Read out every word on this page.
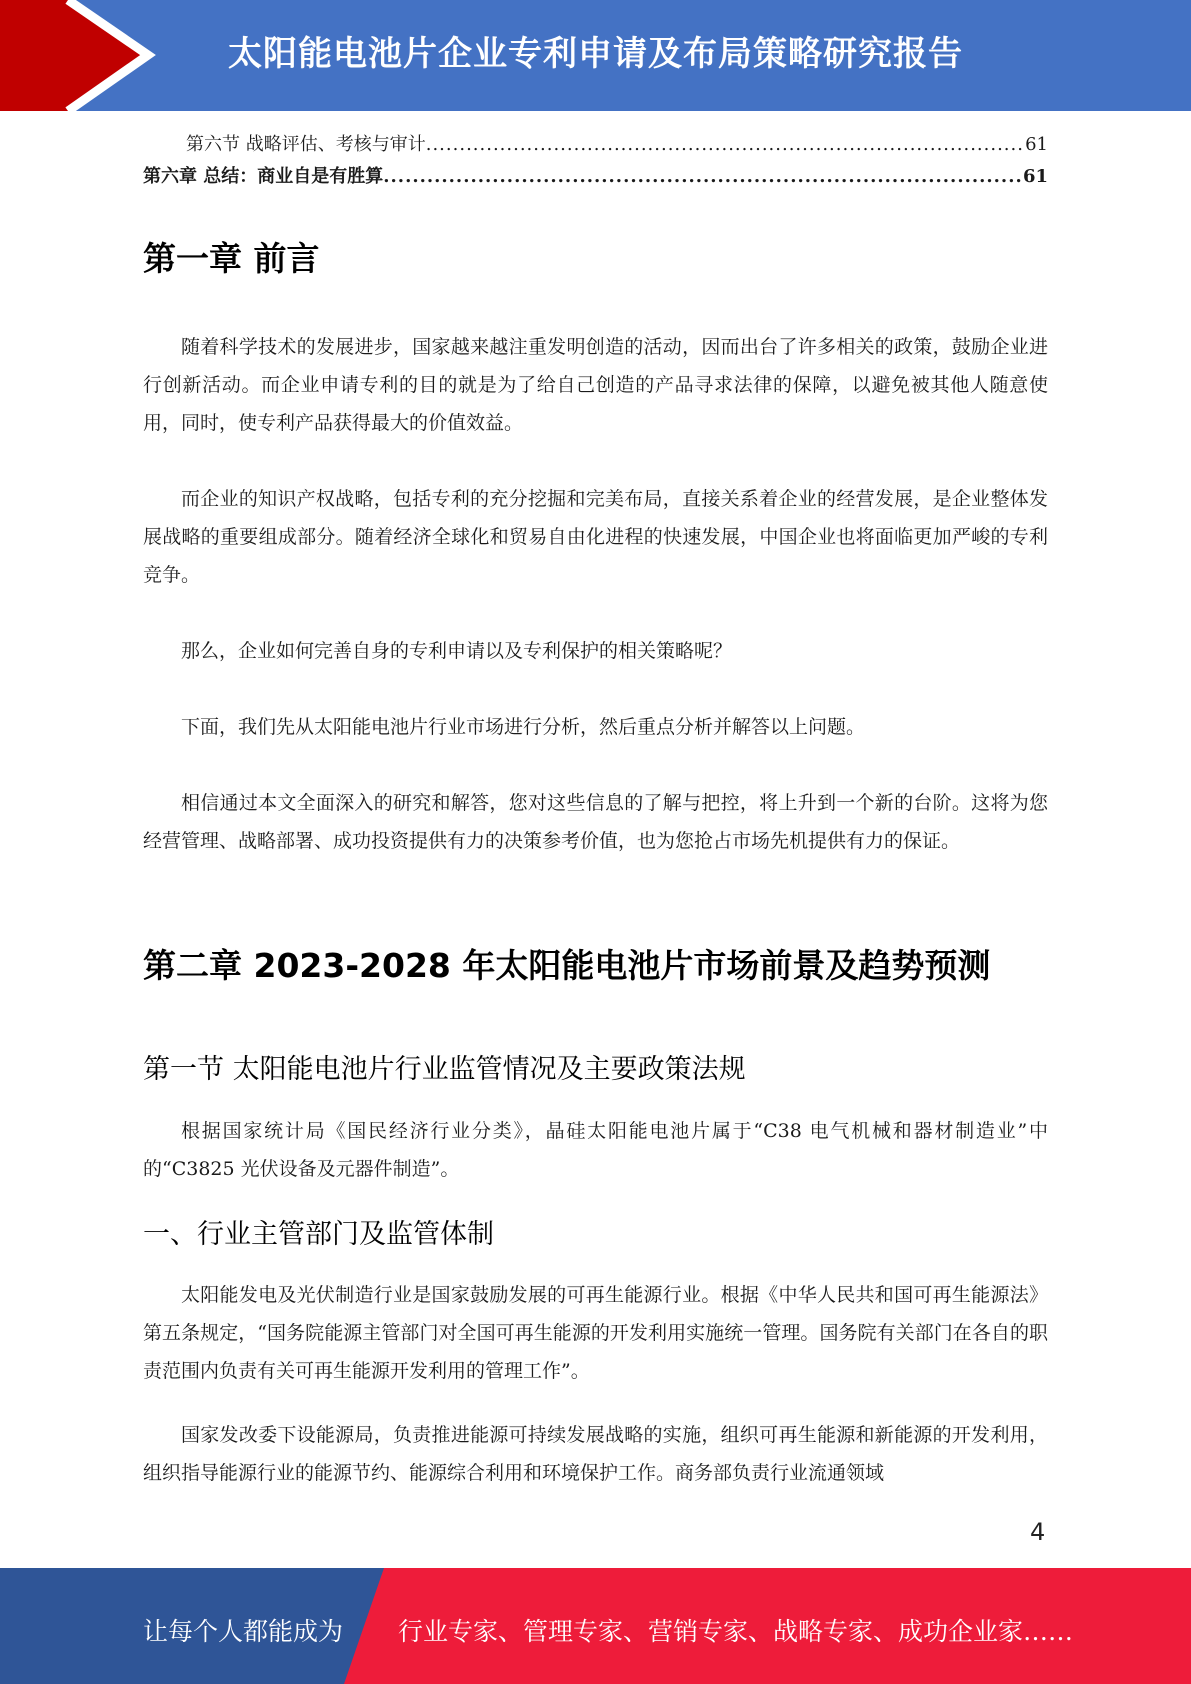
太阳能电池片企业专利申请及布局策略研究报告
第六节 战略评估、考核与审计 .....	61
第六章 总结：商业自是有胜算 .....	61
第一章 前言

随着科学技术的发展进步，国家越来越注重发明创造的活动，因而出台了许多相关的政策，鼓励企业进行创新活动。而企业申请专利的目的就是为了给自己创造的产品寻求法律的保障，以避免被其他人随意使用，同时，使专利产品获得最大的价值效益。

而企业的知识产权战略，包括专利的充分挖掘和完美布局，直接关系着企业的经营发展，是企业整体发展战略的重要组成部分。随着经济全球化和贸易自由化进程的快速发展，中国企业也将面临更加严峻的专利竞争。

那么，企业如何完善自身的专利申请以及专利保护的相关策略呢？

下面，我们先从太阳能电池片行业市场进行分析，然后重点分析并解答以上问题。

相信通过本文全面深入的研究和解答，您对这些信息的了解与把控，将上升到一个新的台阶。这将为您经营管理、战略部署、成功投资提供有力的决策参考价值，也为您抢占市场先机提供有力的保证。

第二章 2023-2028 年太阳能电池片市场前景及趋势预测
第一节 太阳能电池片行业监管情况及主要政策法规

根据国家统计局《国民经济行业分类》，晶硅太阳能电池片属于“C38 电气机械和器材制造业”中的“C3825 光伏设备及元器件制造”。

一、行业主管部门及监管体制

太阳能发电及光伏制造行业是国家鼓励发展的可再生能源行业。根据《中华人民共和国可再生能源法》第五条规定，“国务院能源主管部门对全国可再生能源的开发利用实施统一管理。国务院有关部门在各自的职责范围内负责有关可再生能源开发利用的管理工作”。

国家发改委下设能源局，负责推进能源可持续发展战略的实施，组织可再生能源和新能源的开发利用，组织指导能源行业的能源节约、能源综合利用和环境保护工作。商务部负责行业流通领域

4
让每个人都能成为 行业专家、管理专家、营销专家、战略专家、成功企业家……
